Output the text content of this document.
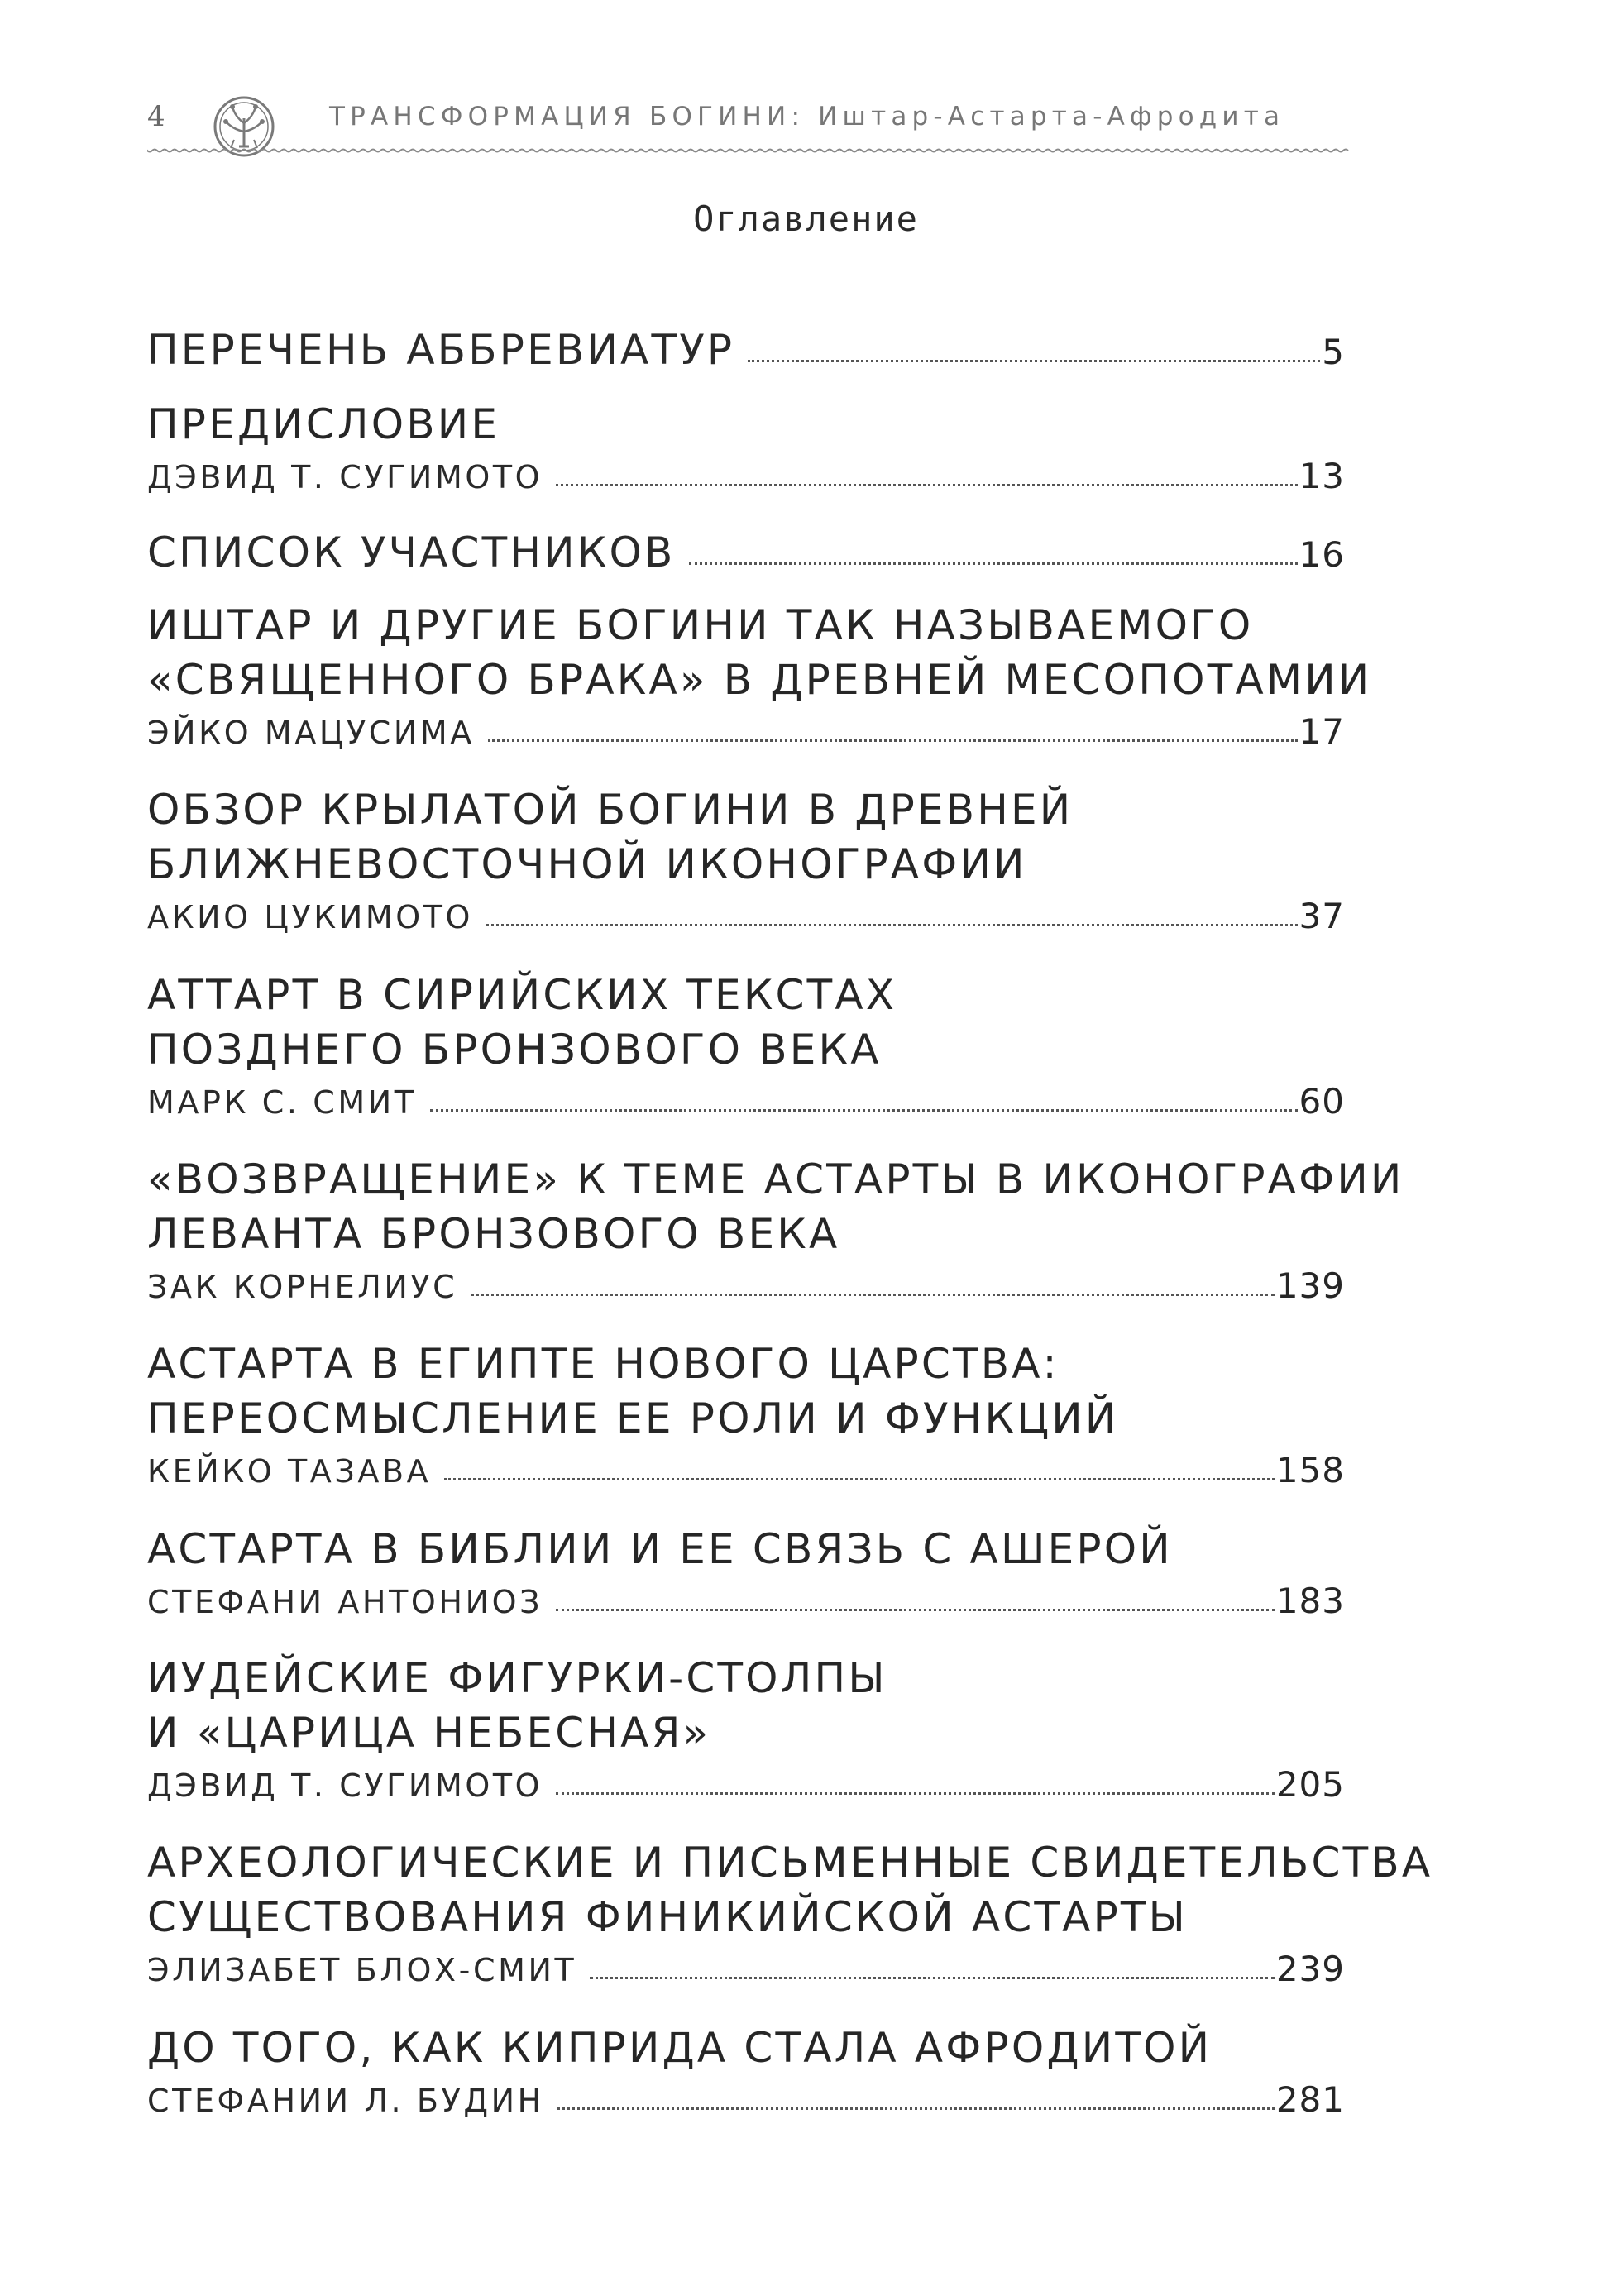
4	ТРАНСФОРМАЦИЯ БОГИНИ: Иштар-Астарта-Афродита
Оглавление
ПЕРЕЧЕНЬ АББРЕВИАТУР	5
ПРЕДИСЛОВИЕ
ДЭВИД Т. СУГИМОТО	13
СПИСОК УЧАСТНИКОВ	16
ИШТАР И ДРУГИЕ БОГИНИ ТАК НАЗЫВАЕМОГО
«СВЯЩЕННОГО БРАКА» В ДРЕВНЕЙ МЕСОПОТАМИИ
ЭЙКО МАЦУСИМА	17
ОБЗОР КРЫЛАТОЙ БОГИНИ В ДРЕВНЕЙ
БЛИЖНЕВОСТОЧНОЙ ИКОНОГРАФИИ
АКИО ЦУКИМОТО	37
АТТАРТ В СИРИЙСКИХ ТЕКСТАХ
ПОЗДНЕГО БРОНЗОВОГО ВЕКА
МАРК С. СМИТ	60
«ВОЗВРАЩЕНИЕ» К ТЕМЕ АСТАРТЫ В ИКОНОГРАФИИ
ЛЕВАНТА БРОНЗОВОГО ВЕКА
ЗАК КОРНЕЛИУС	139
АСТАРТА В ЕГИПТЕ НОВОГО ЦАРСТВА:
ПЕРЕОСМЫСЛЕНИЕ ЕЕ РОЛИ И ФУНКЦИЙ
КЕЙКО ТАЗАВА	158
АСТАРТА В БИБЛИИ И ЕЕ СВЯЗЬ С АШЕРОЙ
СТЕФАНИ АНТОНИОЗ	183
ИУДЕЙСКИЕ ФИГУРКИ-СТОЛПЫ
И «ЦАРИЦА НЕБЕСНАЯ»
ДЭВИД Т. СУГИМОТО	205
АРХЕОЛОГИЧЕСКИЕ И ПИСЬМЕННЫЕ СВИДЕТЕЛЬСТВА
СУЩЕСТВОВАНИЯ ФИНИКИЙСКОЙ АСТАРТЫ
ЭЛИЗАБЕТ БЛОХ-СМИТ	239
ДО ТОГО, КАК КИПРИДА СТАЛА АФРОДИТОЙ
СТЕФАНИИ Л. БУДИН	281
